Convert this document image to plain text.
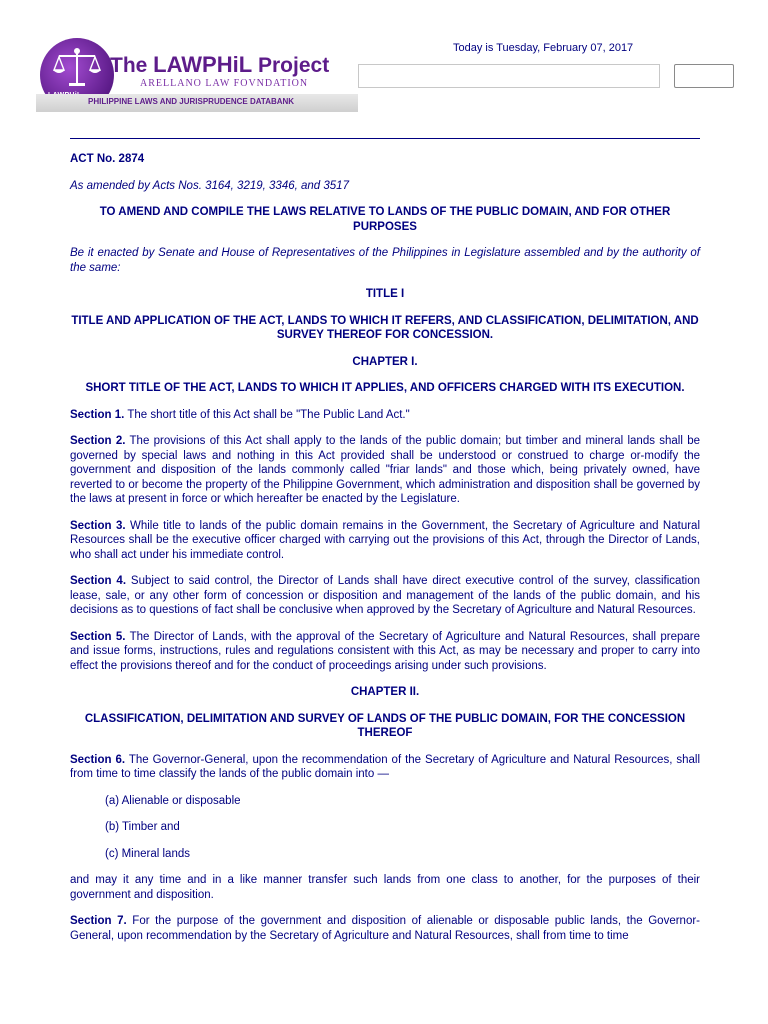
The LAWPHiL Project
ARELLANO LAW FOVNDATION
PHILIPPINE LAWS AND JURISPRUDENCE DATABANK
Today is Tuesday, February 07, 2017

ACT No. 2874

As amended by Acts Nos. 3164, 3219, 3346, and 3517

TO AMEND AND COMPILE THE LAWS RELATIVE TO LANDS OF THE PUBLIC DOMAIN, AND FOR OTHER PURPOSES

Be it enacted by Senate and House of Representatives of the Philippines in Legislature assembled and by the authority of the same:

TITLE I

TITLE AND APPLICATION OF THE ACT, LANDS TO WHICH IT REFERS, AND CLASSIFICATION, DELIMITATION, AND SURVEY THEREOF FOR CONCESSION.

CHAPTER I.

SHORT TITLE OF THE ACT, LANDS TO WHICH IT APPLIES, AND OFFICERS CHARGED WITH ITS EXECUTION.

Section 1. The short title of this Act shall be "The Public Land Act."

Section 2. The provisions of this Act shall apply to the lands of the public domain; but timber and mineral lands shall be governed by special laws and nothing in this Act provided shall be understood or construed to charge or-modify the government and disposition of the lands commonly called "friar lands" and those which, being privately owned, have reverted to or become the property of the Philippine Government, which administration and disposition shall be governed by the laws at present in force or which hereafter be enacted by the Legislature.

Section 3. While title to lands of the public domain remains in the Government, the Secretary of Agriculture and Natural Resources shall be the executive officer charged with carrying out the provisions of this Act, through the Director of Lands, who shall act under his immediate control.

Section 4. Subject to said control, the Director of Lands shall have direct executive control of the survey, classification lease, sale, or any other form of concession or disposition and management of the lands of the public domain, and his decisions as to questions of fact shall be conclusive when approved by the Secretary of Agriculture and Natural Resources.

Section 5. The Director of Lands, with the approval of the Secretary of Agriculture and Natural Resources, shall prepare and issue forms, instructions, rules and regulations consistent with this Act, as may be necessary and proper to carry into effect the provisions thereof and for the conduct of proceedings arising under such provisions.

CHAPTER II.

CLASSIFICATION, DELIMITATION AND SURVEY OF LANDS OF THE PUBLIC DOMAIN, FOR THE CONCESSION THEREOF

Section 6. The Governor-General, upon the recommendation of the Secretary of Agriculture and Natural Resources, shall from time to time classify the lands of the public domain into —

(a) Alienable or disposable

(b) Timber and

(c) Mineral lands

and may it any time and in a like manner transfer such lands from one class to another, for the purposes of their government and disposition.

Section 7. For the purpose of the government and disposition of alienable or disposable public lands, the Governor-General, upon recommendation by the Secretary of Agriculture and Natural Resources, shall from time to time
